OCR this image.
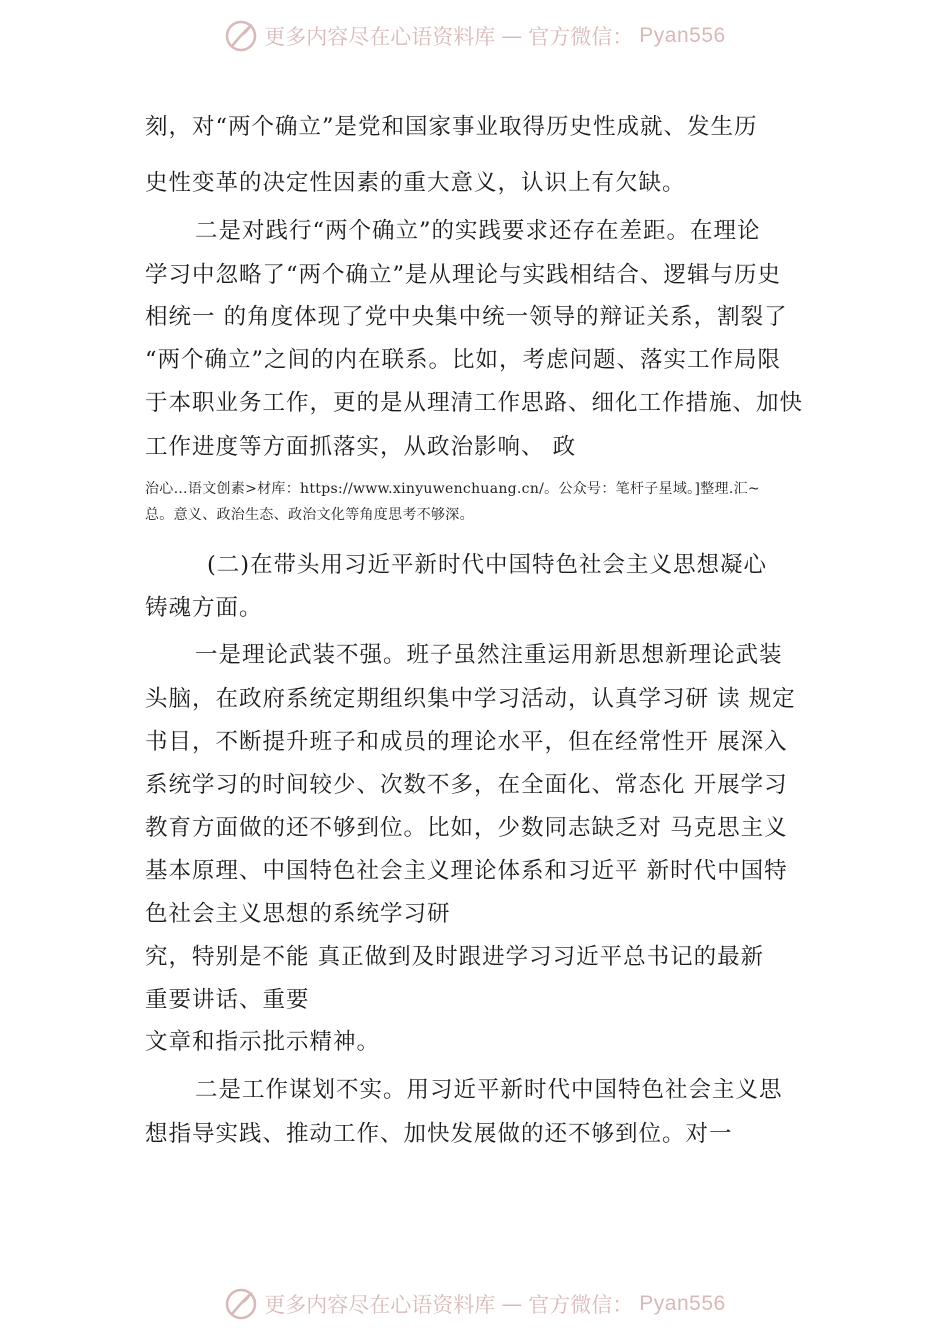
更多内容尽在心语资料库 — 官方微信： Pyan556
刻，对“两个确立”是党和国家事业取得历史性成就、发生历
史性变革的决定性因素的重大意义，认识上有欠缺。
二是对践行“两个确立”的实践要求还存在差距。在理论
学习中忽略了“两个确立”是从理论与实践相结合、逻辑与历史
相统一 的角度体现了党中央集中统一领导的辩证关系，割裂了
“两个确立”之间的内在联系。比如，考虑问题、落实工作局限
于本职业务工作，更的是从理清工作思路、细化工作措施、加快
工作进度等方面抓落实，从政治影响、 政
治心…语文创素>材库：https://www.xinyuwenchuang.cn/。公众号：笔杆子星域。]整理.汇~
总。意义、政治生态、政治文化等角度思考不够深。
(二)在带头用习近平新时代中国特色社会主义思想凝心
铸魂方面。
一是理论武装不强。班子虽然注重运用新思想新理论武装
头脑，在政府系统定期组织集中学习活动，认真学习研 读 规定
书目，不断提升班子和成员的理论水平，但在经常性开 展深入
系统学习的时间较少、次数不多，在全面化、常态化 开展学习
教育方面做的还不够到位。比如，少数同志缺乏对 马克思主义
基本原理、中国特色社会主义理论体系和习近平 新时代中国特
色社会主义思想的系统学习研
究，特别是不能 真正做到及时跟进学习习近平总书记的最新
重要讲话、重要
文章和指示批示精神。
二是工作谋划不实。用习近平新时代中国特色社会主义思
想指导实践、推动工作、加快发展做的还不够到位。对一
更多内容尽在心语资料库 — 官方微信： Pyan556
